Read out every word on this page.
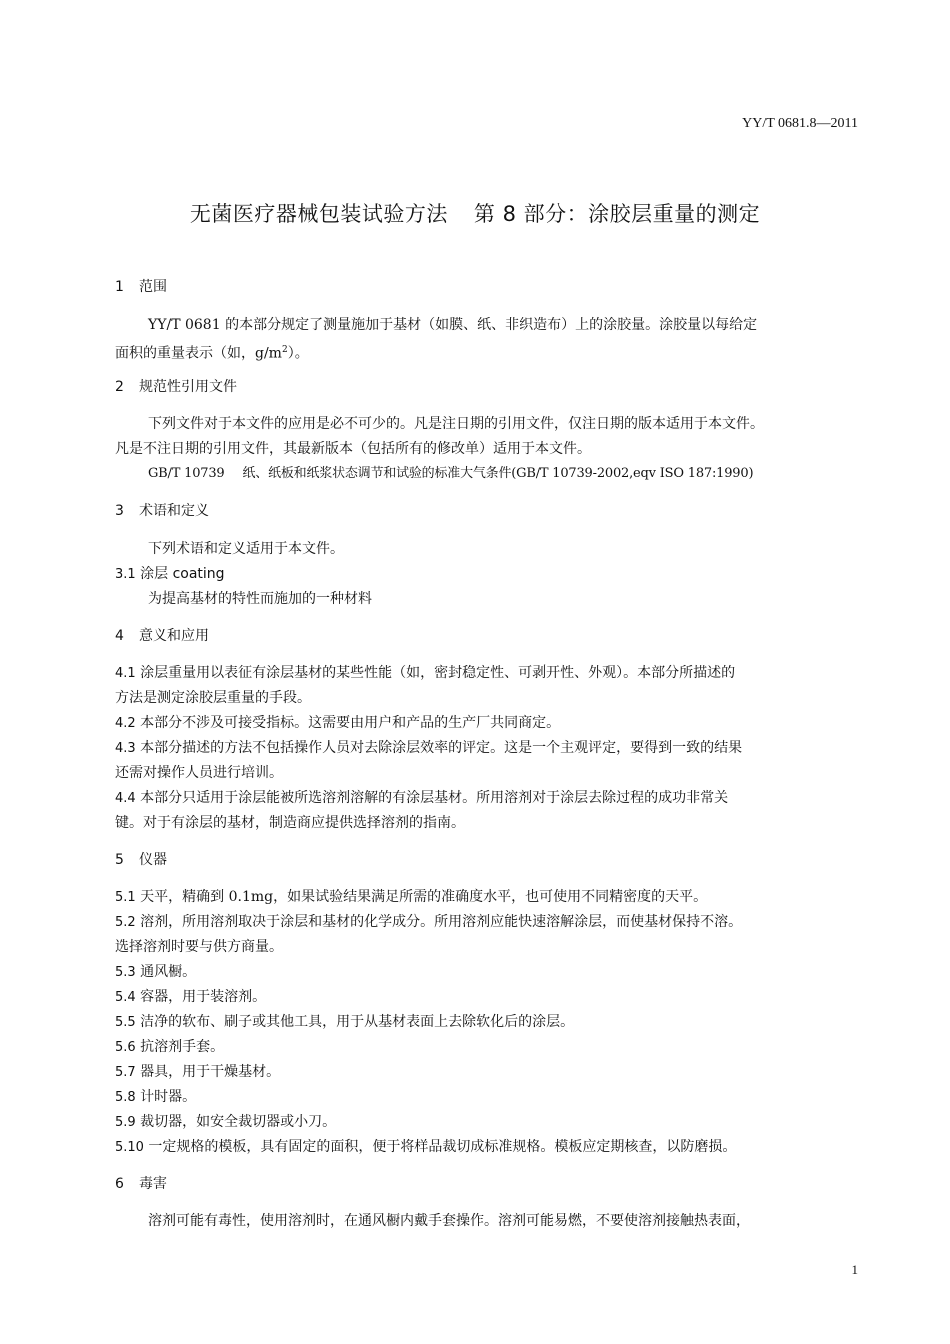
YY/T 0681.8—2011
无菌医疗器械包装试验方法 第 8 部分：涂胶层重量的测定
1 范围
YY/T 0681 的本部分规定了测量施加于基材（如膜、纸、非织造布）上的涂胶量。涂胶量以每给定
面积的重量表示（如，$g/m^2$）。
2 规范性引用文件
下列文件对于本文件的应用是必不可少的。凡是注日期的引用文件，仅注日期的版本适用于本文件。
凡是不注日期的引用文件，其最新版本（包括所有的修改单）适用于本文件。
GB/T 10739 纸、纸板和纸浆状态调节和试验的标准大气条件(GB/T 10739-2002,eqv ISO 187:1990)
3 术语和定义
下列术语和定义适用于本文件。
3.1 涂层 coating
为提高基材的特性而施加的一种材料
4 意义和应用
4.1 涂层重量用以表征有涂层基材的某些性能（如，密封稳定性、可剥开性、外观）。本部分所描述的
方法是测定涂胶层重量的手段。
4.2 本部分不涉及可接受指标。这需要由用户和产品的生产厂共同商定。
4.3 本部分描述的方法不包括操作人员对去除涂层效率的评定。这是一个主观评定，要得到一致的结果
还需对操作人员进行培训。
4.4 本部分只适用于涂层能被所选溶剂溶解的有涂层基材。所用溶剂对于涂层去除过程的成功非常关
键。对于有涂层的基材，制造商应提供选择溶剂的指南。
5 仪器
5.1 天平，精确到 0.1mg，如果试验结果满足所需的准确度水平，也可使用不同精密度的天平。
5.2 溶剂，所用溶剂取决于涂层和基材的化学成分。所用溶剂应能快速溶解涂层，而使基材保持不溶。
选择溶剂时要与供方商量。
5.3 通风橱。
5.4 容器，用于装溶剂。
5.5 洁净的软布、刷子或其他工具，用于从基材表面上去除软化后的涂层。
5.6 抗溶剂手套。
5.7 器具，用于干燥基材。
5.8 计时器。
5.9 裁切器，如安全裁切器或小刀。
5.10 一定规格的模板，具有固定的面积，便于将样品裁切成标准规格。模板应定期核查，以防磨损。
6 毒害
溶剂可能有毒性，使用溶剂时，在通风橱内戴手套操作。溶剂可能易燃，不要使溶剂接触热表面，
1
